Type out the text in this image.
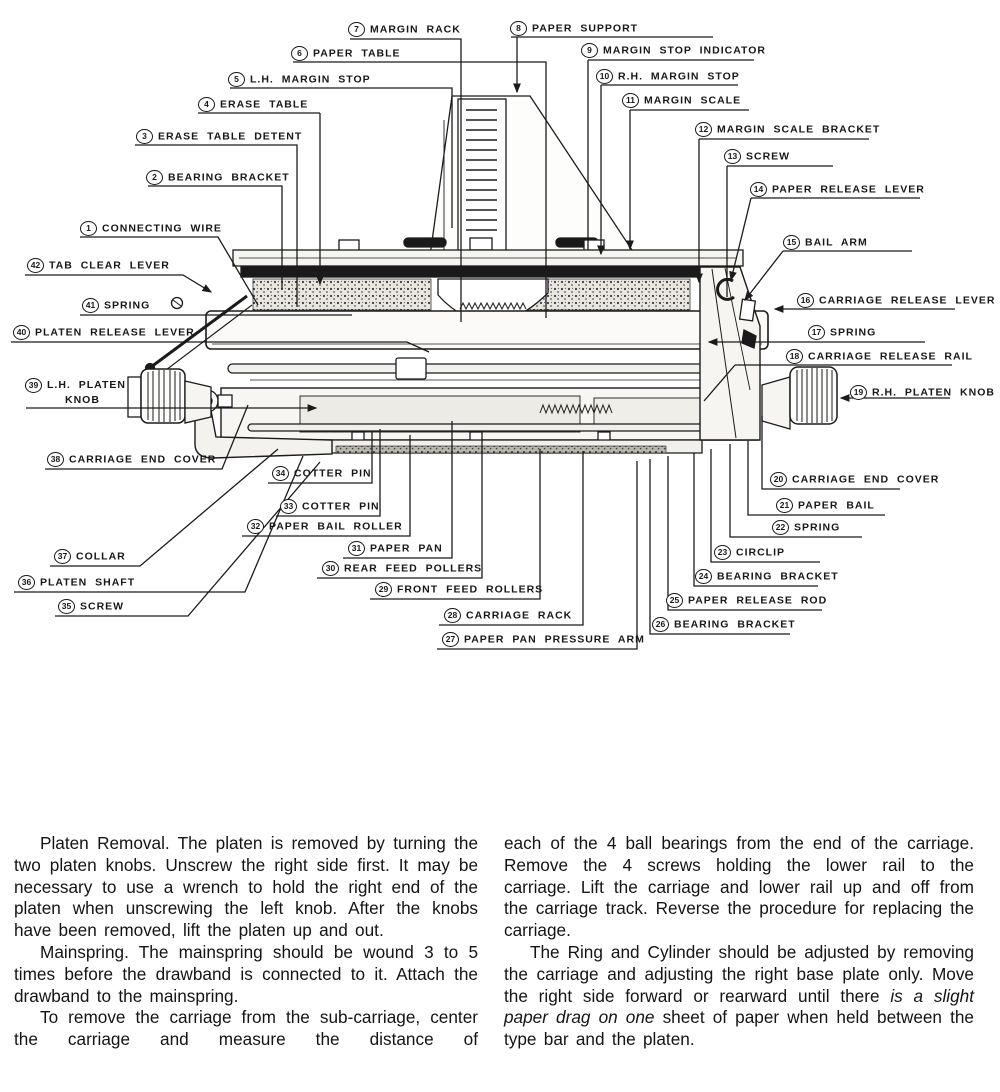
1 CONNECTING WIRE
2 BEARING BRACKET
3 ERASE TABLE DETENT
4 ERASE TABLE
5 L.H. MARGIN STOP
6 PAPER TABLE
7 MARGIN RACK	8 PAPER SUPPORT
9 MARGIN STOP INDICATOR
10 R.H. MARGIN STOP
11 MARGIN SCALE
12 MARGIN SCALE BRACKET
13 SCREW
14 PAPER RELEASE LEVER
15 BAIL ARM
16 CARRIAGE RELEASE LEVER
17 SPRING
18 CARRIAGE RELEASE RAIL
19 R.H. PLATEN KNOB
20 CARRIAGE END COVER
21 PAPER BAIL
22 SPRING
23 CIRCLIP
24 BEARING BRACKET
25 PAPER RELEASE ROD
26 BEARING BRACKET
27 PAPER PAN PRESSURE ARM
28 CARRIAGE RACK
29 FRONT FEED ROLLERS
30 REAR FEED POLLERS
31 PAPER PAN
32 PAPER BAIL ROLLER
33 COTTER PIN
34 COTTER PIN
35 SCREW
36 PLATEN SHAFT
37 COLLAR
38 CARRIAGE END COVER
39 L.H. PLATEN
KNOB
40 PLATEN RELEASE LEVER
41 SPRING
42 TAB CLEAR LEVER

Platen Removal. The platen is removed by turning the two platen knobs. Unscrew the right side first. It may be necessary to use a wrench to hold the right end of the platen when unscrewing the left knob. After the knobs have been removed, lift the platen up and out.

Mainspring. The mainspring should be wound 3 to 5 times before the drawband is connected to it. Attach the drawband to the mainspring.

To remove the carriage from the sub-carriage, center the carriage and measure the distance of

each of the 4 ball bearings from the end of the carriage. Remove the 4 screws holding the lower rail to the carriage. Lift the carriage and lower rail up and off from the carriage track. Reverse the procedure for replacing the carriage.

The Ring and Cylinder should be adjusted by removing the carriage and adjusting the right base plate only. Move the right side forward or rearward until there is a slight paper drag on one sheet of paper when held between the type bar and the platen.
